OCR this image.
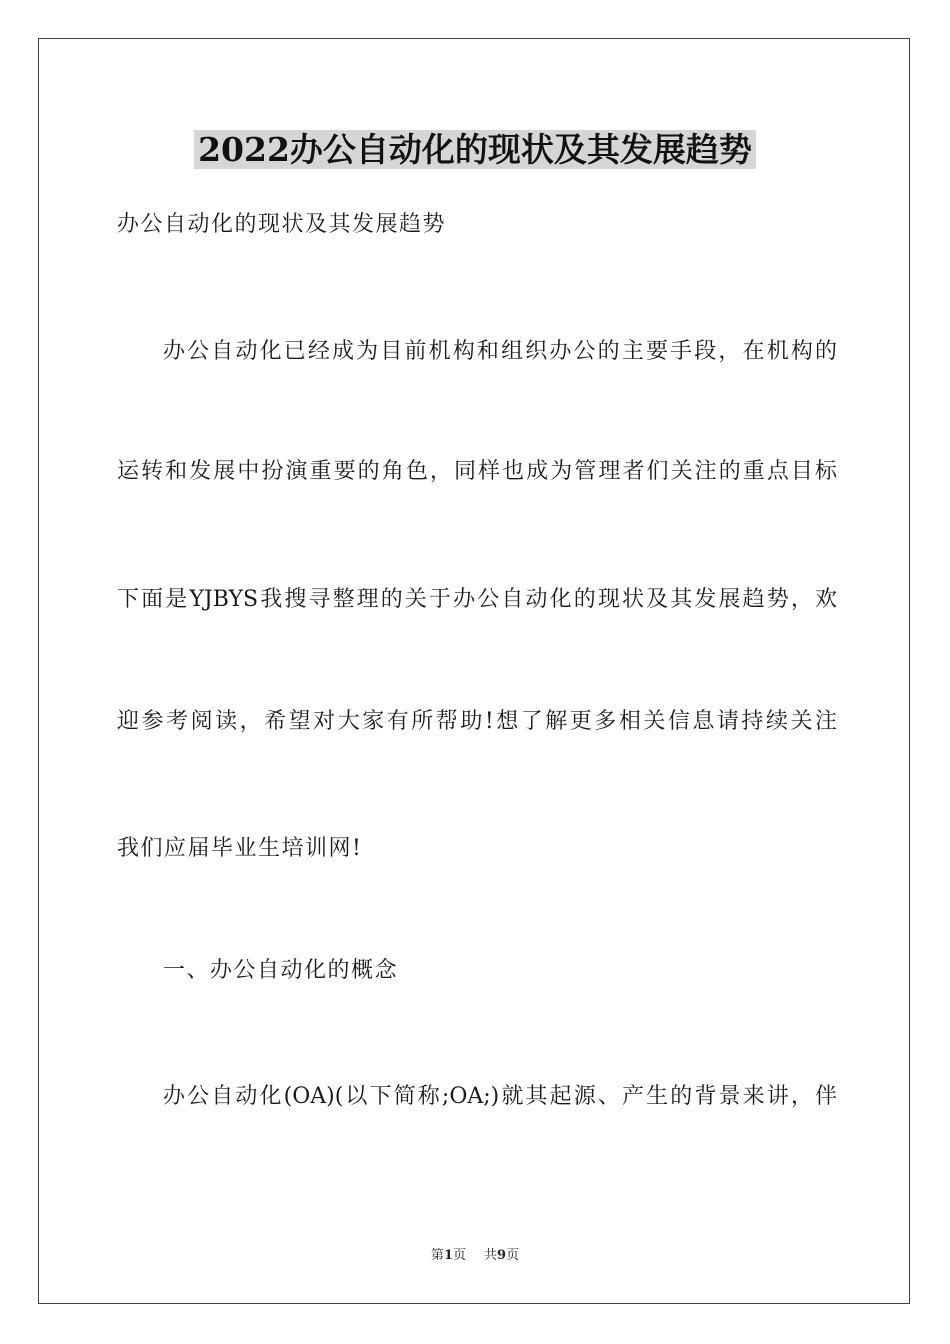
2022办公自动化的现状及其发展趋势
办公自动化的现状及其发展趋势
办公自动化已经成为目前机构和组织办公的主要手段，在机构的
运转和发展中扮演重要的角色，同样也成为管理者们关注的重点目标
下面是YJBYS我搜寻整理的关于办公自动化的现状及其发展趋势，欢
迎参考阅读，希望对大家有所帮助!想了解更多相关信息请持续关注
我们应届毕业生培训网!
一、办公自动化的概念
办公自动化(OA)(以下简称;OA;)就其起源、产生的背景来讲，伴
第1页 共9页
